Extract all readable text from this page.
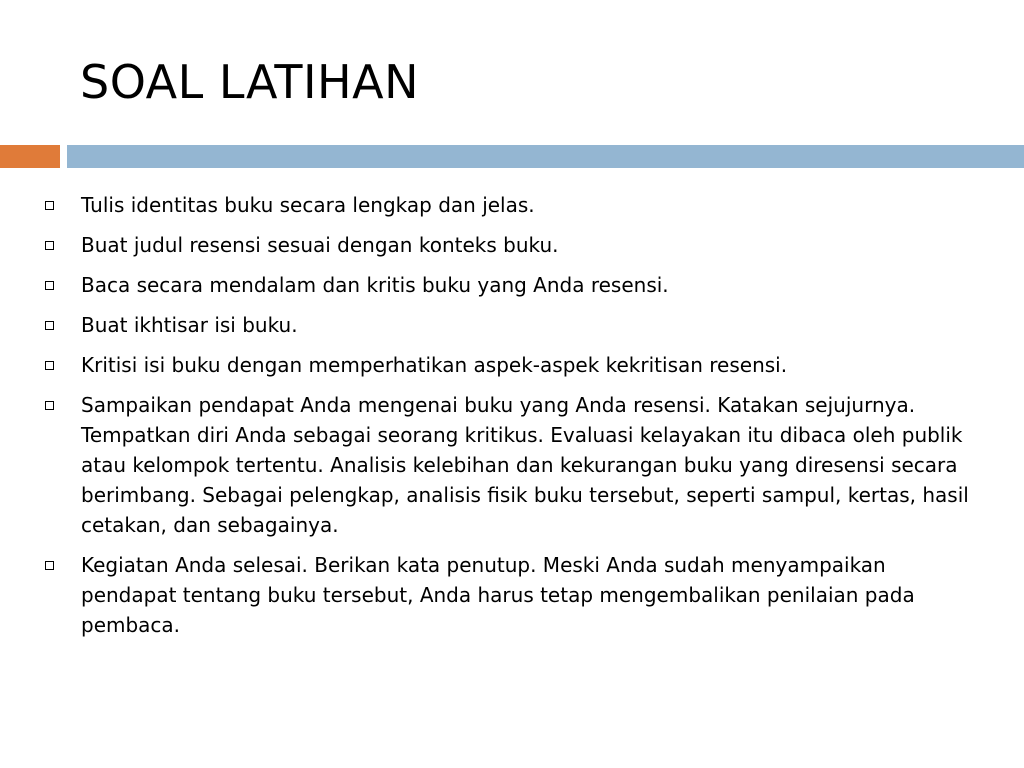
SOAL LATIHAN
Tulis identitas buku secara lengkap dan jelas.
Buat judul resensi sesuai dengan konteks buku.
Baca secara mendalam dan kritis buku yang Anda resensi.
Buat ikhtisar isi buku.
Kritisi isi buku dengan memperhatikan aspek-aspek kekritisan resensi.
Sampaikan pendapat Anda mengenai buku yang Anda resensi. Katakan sejujurnya. Tempatkan diri Anda sebagai seorang kritikus. Evaluasi kelayakan itu dibaca oleh publik atau kelompok tertentu. Analisis kelebihan dan kekurangan buku yang diresensi secara berimbang. Sebagai pelengkap, analisis fisik buku tersebut, seperti sampul, kertas, hasil cetakan, dan sebagainya.
Kegiatan Anda selesai. Berikan kata penutup. Meski Anda sudah menyampaikan pendapat tentang buku tersebut, Anda harus tetap mengembalikan penilaian pada pembaca.
